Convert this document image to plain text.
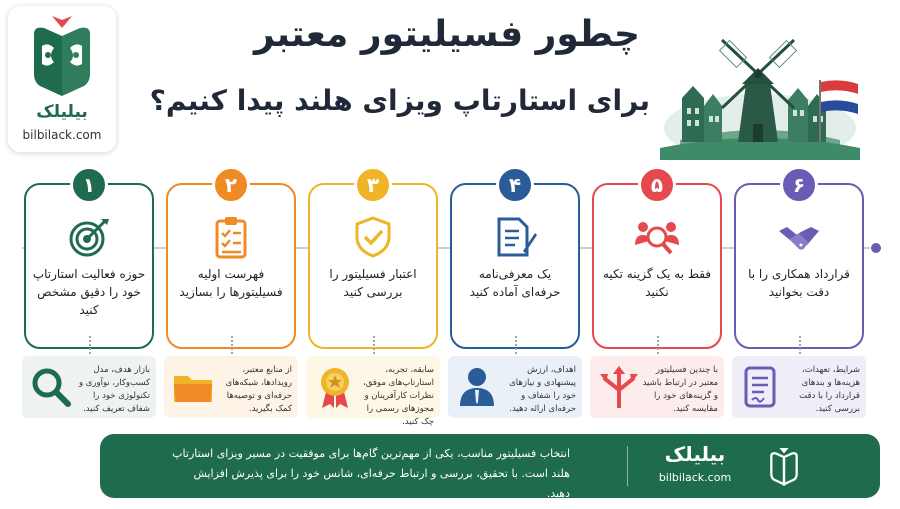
بیلیلک
bilbilack.com
چطور فسیلیتور معتبر
برای استارتاپ ویزای هلند پیدا کنیم؟
۱
حوزه فعالیت استارتاپ خود را دقیق مشخص کنید
۲
فهرست اولیه فسیلیتورها را بسازید
۳
اعتبار فسیلیتور را بررسی کنید
۴
یک معرفی‌نامه حرفه‌ای آماده کنید
۵
فقط به یک گزینه تکیه نکنید
۶
قرارداد همکاری را با دقت بخوانید
بازار هدف، مدل کسب‌وکار، نوآوری و تکنولوژی خود را شفاف تعریف کنید.
از منابع معتبر، رویدادها، شبکه‌های حرفه‌ای و توصیه‌ها کمک بگیرید.
سابقه، تجربه، استارتاپ‌های موفق، نظرات کارآفرینان و مجوزهای رسمی را چک کنید.
اهداف، ارزش پیشنهادی و نیازهای خود را شفاف و حرفه‌ای ارائه دهید.
با چندین فسیلیتور معتبر در ارتباط باشید و گزینه‌های خود را مقایسه کنید.
شرایط، تعهدات، هزینه‌ها و بندهای قرارداد را با دقت بررسی کنید.
انتخاب فسیلیتور مناسب، یکی از مهم‌ترین گام‌ها برای موفقیت در مسیر ویزای استارتاپ هلند است. با تحقیق، بررسی و ارتباط حرفه‌ای، شانس خود را برای پذیرش افزایش دهید.
بیلیلک
bilbilack.com
